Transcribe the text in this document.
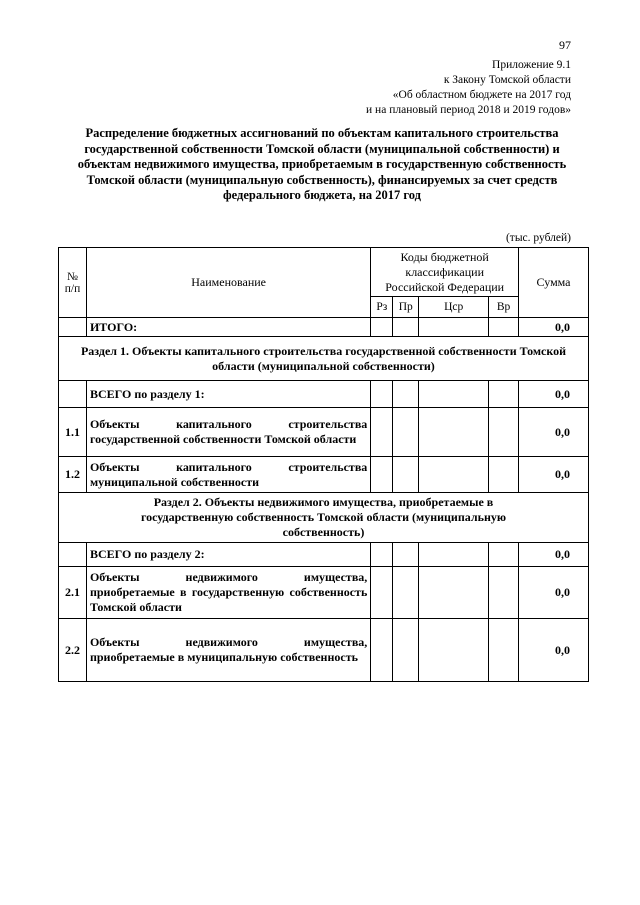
97
Приложение 9.1
к Закону Томской области
«Об областном бюджете на 2017 год
и на плановый период 2018 и 2019 годов»
Распределение бюджетных ассигнований по объектам капитального строительства государственной собственности Томской области (муниципальной собственности) и объектам недвижимого имущества, приобретаемым в государственную собственность Томской области (муниципальную собственность), финансируемых за счет средств федерального бюджета, на 2017 год
(тыс. рублей)
№ п/п	Наименование	Коды бюджетной классификации Российской Федерации				Сумма
		Рз	Пр	Цср	Вр	
	ИТОГО:					0,0
Раздел 1. Объекты капитального строительства государственной собственности Томской области (муниципальной собственности)						
	ВСЕГО по разделу 1:					0,0
1.1	Объекты капитального строительства государственной собственности Томской области					0,0
1.2	Объекты капитального строительства муниципальной собственности					0,0
Раздел 2. Объекты недвижимого имущества, приобретаемые в государственную собственность Томской области (муниципальную собственность)						
	ВСЕГО по разделу 2:					0,0
2.1	Объекты недвижимого имущества, приобретаемые в государственную собственность Томской области					0,0
2.2	Объекты недвижимого имущества, приобретаемые в муниципальную собственность					0,0
